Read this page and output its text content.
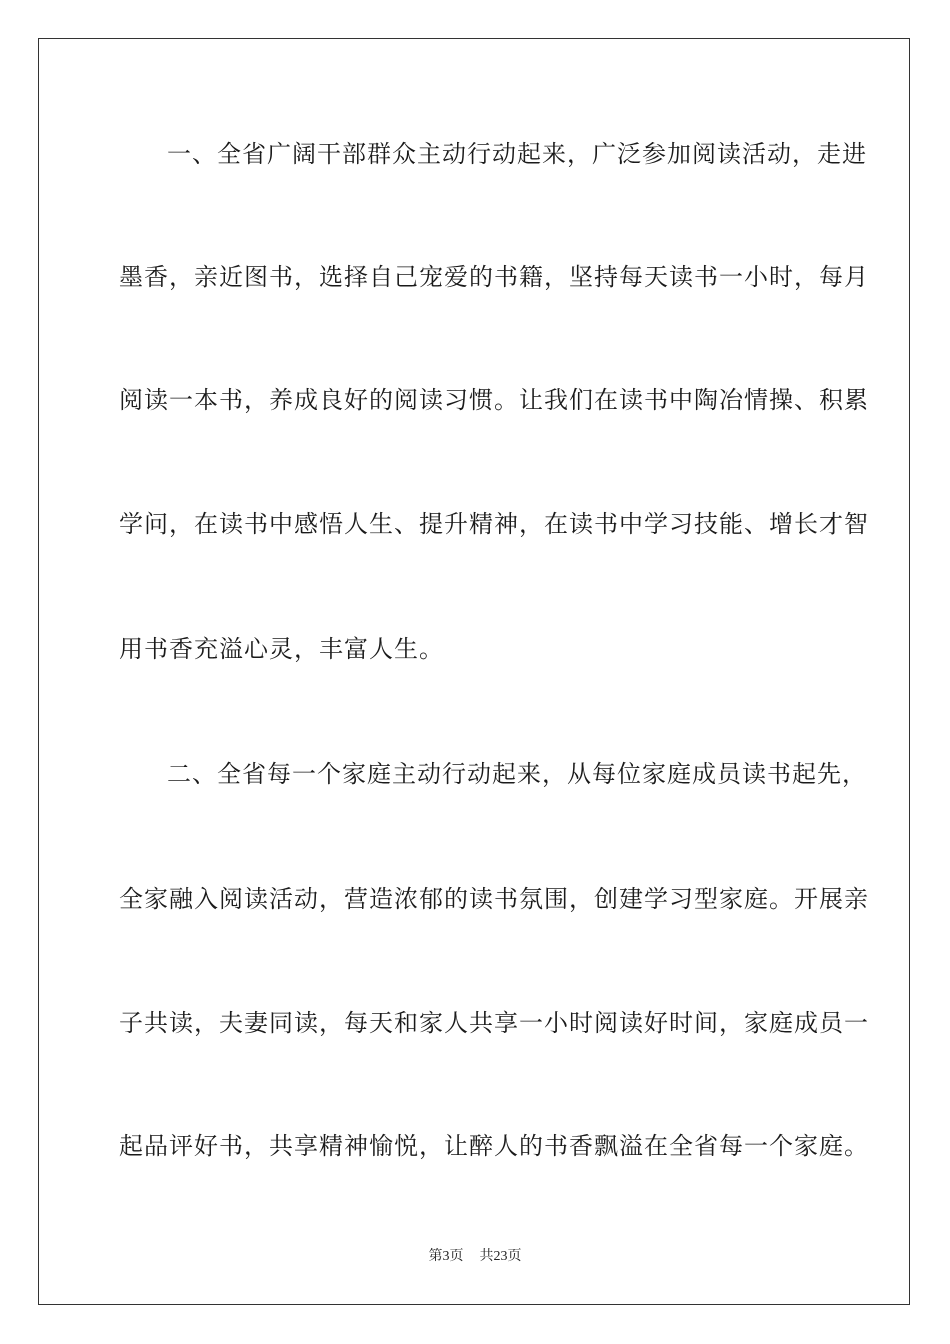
一、全省广阔干部群众主动行动起来，广泛参加阅读活动，走进
墨香，亲近图书，选择自己宠爱的书籍，坚持每天读书一小时，每月
阅读一本书，养成良好的阅读习惯。让我们在读书中陶冶情操、积累
学问，在读书中感悟人生、提升精神，在读书中学习技能、增长才智
用书香充溢心灵，丰富人生。
二、全省每一个家庭主动行动起来，从每位家庭成员读书起先，
全家融入阅读活动，营造浓郁的读书氛围，创建学习型家庭。开展亲
子共读，夫妻同读，每天和家人共享一小时阅读好时间，家庭成员一
起品评好书，共享精神愉悦，让醉人的书香飘溢在全省每一个家庭。
第3页 共23页
